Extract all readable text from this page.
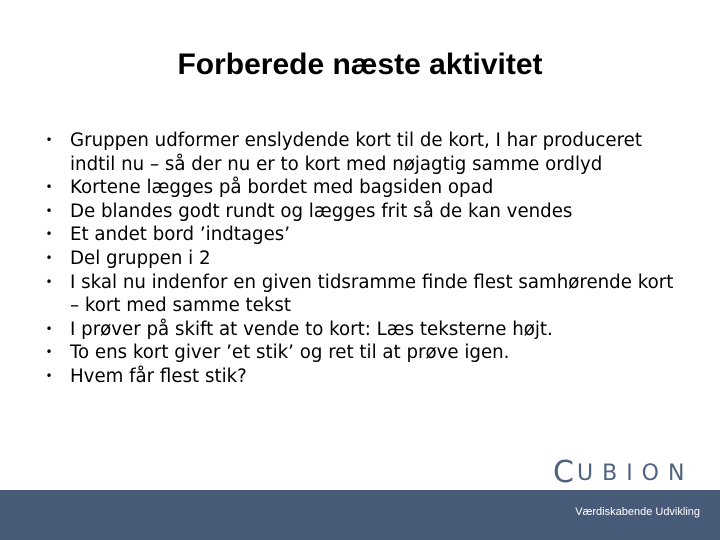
Forberede næste aktivitet
• Gruppen udformer enslydende kort til de kort, I har produceret indtil nu – så der nu er to kort med nøjagtig samme ordlyd
• Kortene lægges på bordet med bagsiden opad
• De blandes godt rundt og lægges frit så de kan vendes
• Et andet bord ’indtages’
• Del gruppen i 2
• I skal nu indenfor en given tidsramme finde flest samhørende kort – kort med samme tekst
• I prøver på skift at vende to kort: Læs teksterne højt.
• To ens kort giver ’et stik’ og ret til at prøve igen.
• Hvem får flest stik?
C UBION
Værdiskabende Udvikling
